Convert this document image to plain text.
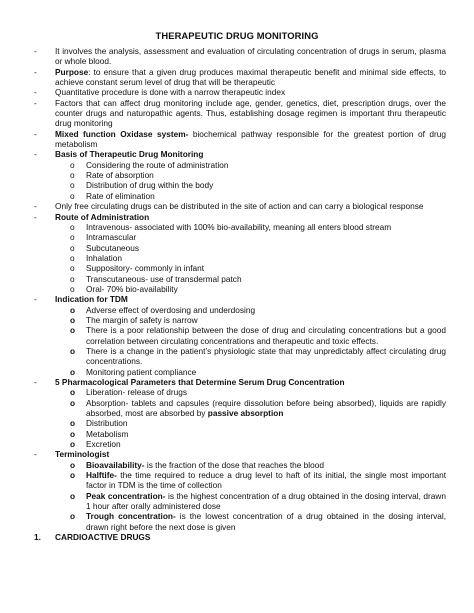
THERAPEUTIC DRUG MONITORING
- It involves the analysis, assessment and evaluation of circulating concentration of drugs in serum, plasma or whole blood.
- Purpose: to ensure that a given drug produces maximal therapeutic benefit and minimal side effects, to achieve constant serum level of drug that will be therapeutic
- Quantitative procedure is done with a narrow therapeutic index
- Factors that can affect drug monitoring include age, gender, genetics, diet, prescription drugs, over the counter drugs and naturopathic agents. Thus, establishing dosage regimen is important thru therapeutic drug monitoring
- Mixed function Oxidase system- biochemical pathway responsible for the greatest portion of drug metabolism
- Basis of Therapeutic Drug Monitoring
o Considering the route of administration
o Rate of absorption
o Distribution of drug within the body
o Rate of elimination
- Only free circulating drugs can be distributed in the site of action and can carry a biological response
- Route of Administration
o Intravenous- associated with 100% bio-availability, meaning all enters blood stream
o Intramascular
o Subcutaneous
o Inhalation
o Suppository- commonly in infant
o Transcutaneous- use of transdermal patch
o Oral- 70% bio-availability
- Indication for TDM
o Adverse effect of overdosing and underdosing
o The margin of safety is narrow
o There is a poor relationship between the dose of drug and circulating concentrations but a good correlation between circulating concentrations and therapeutic and toxic effects.
o There is a change in the patient’s physiologic state that may unpredictably affect circulating drug concentrations.
o Monitoring patient compliance
- 5 Pharmacological Parameters that Determine Serum Drug Concentration
o Liberation- release of drugs
o Absorption- tablets and capsules (require dissolution before being absorbed), liquids are rapidly absorbed, most are absorbed by passive absorption
o Distribution
o Metabolism
o Excretion
- Terminologist
o Bioavailability- is the fraction of the dose that reaches the blood
o Halftife- the time required to reduce a drug level to haft of its initial, the single most important factor in TDM is the time of collection
o Peak concentration- is the highest concentration of a drug obtained in the dosing interval, drawn 1 hour after orally administered dose
o Trough concentration- is the lowest concentration of a drug obtained in the dosing interval, drawn right before the next dose is given
1. CARDIOACTIVE DRUGS
